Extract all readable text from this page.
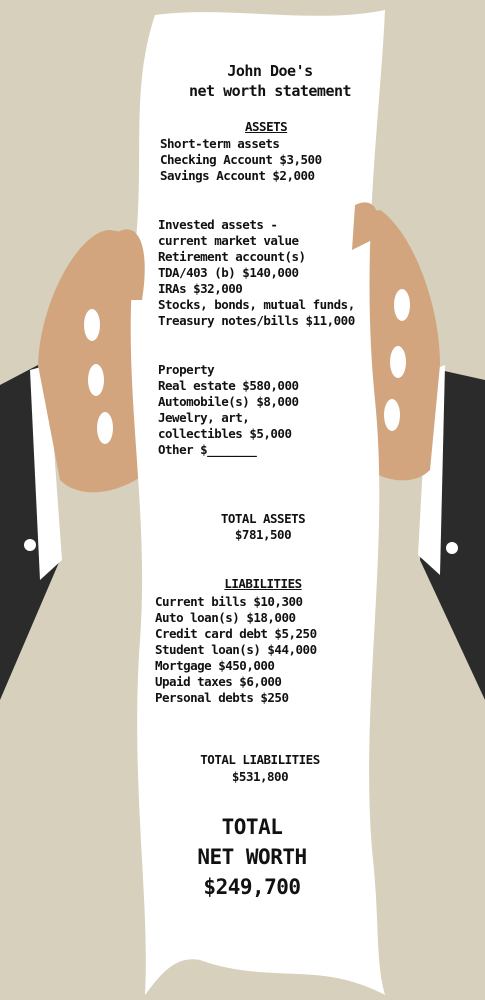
John Doe's
net worth statement
ASSETS
Short-term assets
Checking Account $3,500
Savings Account $2,000
Invested assets -
current market value
Retirement account(s)
TDA/403 (b) $140,000
IRAs $32,000
Stocks, bonds, mutual funds,
Treasury notes/bills $11,000
Property
Real estate $580,000
Automobile(s) $8,000
Jewelry, art,
collectibles $5,000
Other $_______
TOTAL ASSETS
$781,500
LIABILITIES
Current bills $10,300
Auto loan(s) $18,000
Credit card debt $5,250
Student loan(s) $44,000
Mortgage $450,000
Upaid taxes $6,000
Personal debts $250
TOTAL LIABILITIES
$531,800
TOTAL
NET WORTH
$249,700
